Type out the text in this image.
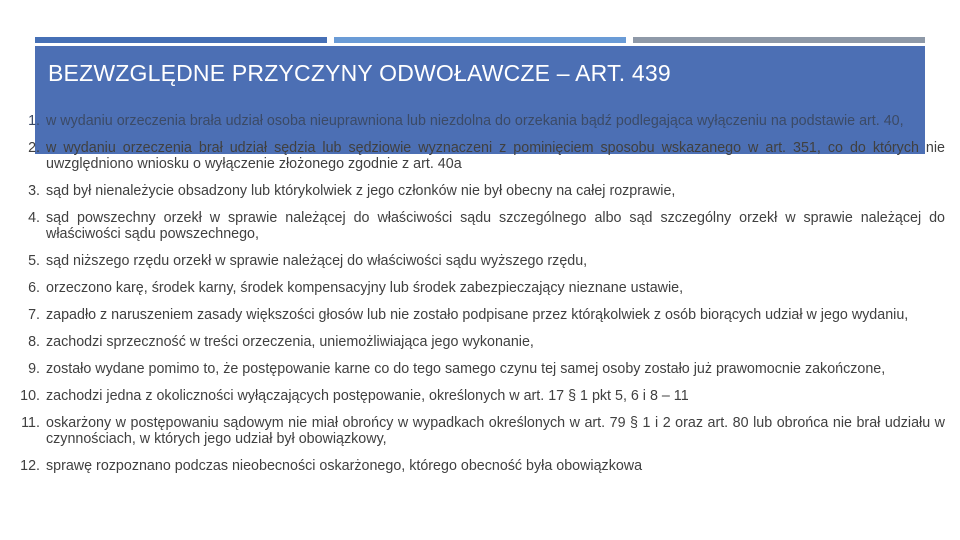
BEZWZGLĘDNE PRZYCZYNY ODWOŁAWCZE – ART. 439
1. w wydaniu orzeczenia brała udział osoba nieuprawniona lub niezdolna do orzekania bądź podlegająca wyłączeniu na podstawie art. 40,
2. w wydaniu orzeczenia brał udział sędzia lub sędziowie wyznaczeni z pominięciem sposobu wskazanego w art. 351, co do których nie uwzględniono wniosku o wyłączenie złożonego zgodnie z art. 40a
3. sąd był nienależycie obsadzony lub którykolwiek z jego członków nie był obecny na całej rozprawie,
4. sąd powszechny orzekł w sprawie należącej do właściwości sądu szczególnego albo sąd szczególny orzekł w sprawie należącej do właściwości sądu powszechnego,
5. sąd niższego rzędu orzekł w sprawie należącej do właściwości sądu wyższego rzędu,
6. orzeczono karę, środek karny, środek kompensacyjny lub środek zabezpieczający nieznane ustawie,
7. zapadło z naruszeniem zasady większości głosów lub nie zostało podpisane przez którąkolwiek z osób biorących udział w jego wydaniu,
8. zachodzi sprzeczność w treści orzeczenia, uniemożliwiająca jego wykonanie,
9. zostało wydane pomimo to, że postępowanie karne co do tego samego czynu tej samej osoby zostało już prawomocnie zakończone,
10. zachodzi jedna z okoliczności wyłączających postępowanie, określonych w art. 17 § 1 pkt 5, 6 i 8 – 11
11. oskarżony w postępowaniu sądowym nie miał obrońcy w wypadkach określonych w art. 79 § 1 i 2 oraz art. 80 lub obrońca nie brał udziału w czynnościach, w których jego udział był obowiązkowy,
12. sprawę rozpoznano podczas nieobecności oskarżonego, którego obecność była obowiązkowa
